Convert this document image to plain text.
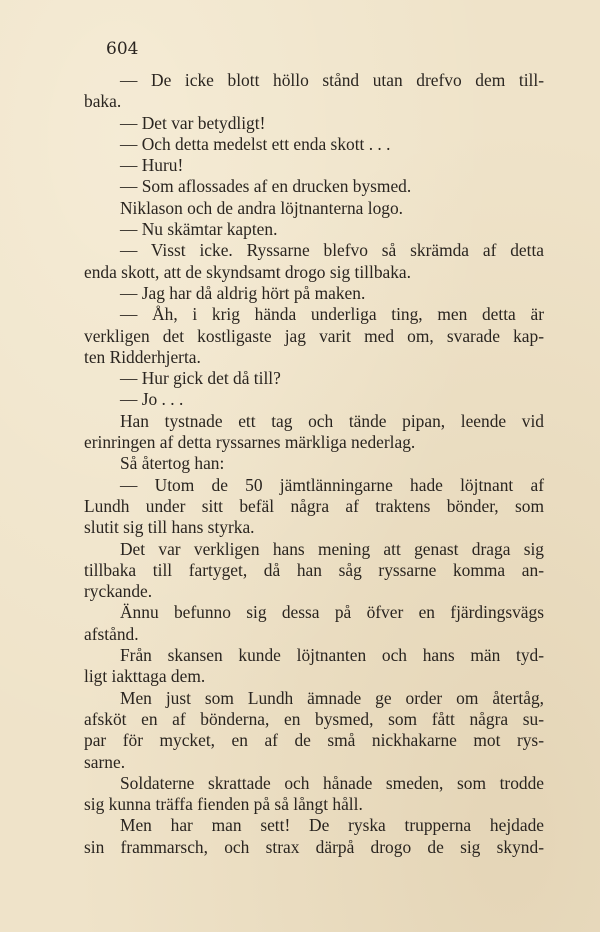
604
— De icke blott höllo stånd utan drefvo dem till-
baka.
— Det var betydligt!
— Och detta medelst ett enda skott . . .
— Huru!
— Som aflossades af en drucken bysmed.
Niklason och de andra löjtnanterna logo.
— Nu skämtar kapten.
— Visst icke. Ryssarne blefvo så skrämda af detta
enda skott, att de skyndsamt drogo sig tillbaka.
— Jag har då aldrig hört på maken.
— Åh, i krig hända underliga ting, men detta är
verkligen det kostligaste jag varit med om, svarade kap-
ten Ridderhjerta.
— Hur gick det då till?
— Jo . . .
Han tystnade ett tag och tände pipan, leende vid
erinringen af detta ryssarnes märkliga nederlag.
Så återtog han:
— Utom de 50 jämtlänningarne hade löjtnant af
Lundh under sitt befäl några af traktens bönder, som
slutit sig till hans styrka.
Det var verkligen hans mening att genast draga sig
tillbaka till fartyget, då han såg ryssarne komma an-
ryckande.
Ännu befunno sig dessa på öfver en fjärdingsvägs
afstånd.
Från skansen kunde löjtnanten och hans män tyd-
ligt iakttaga dem.
Men just som Lundh ämnade ge order om återtåg,
afsköt en af bönderna, en bysmed, som fått några su-
par för mycket, en af de små nickhakarne mot rys-
sarne.
Soldaterne skrattade och hånade smeden, som trodde
sig kunna träffa fienden på så långt håll.
Men har man sett! De ryska trupperna hejdade
sin frammarsch, och strax därpå drogo de sig skynd-
